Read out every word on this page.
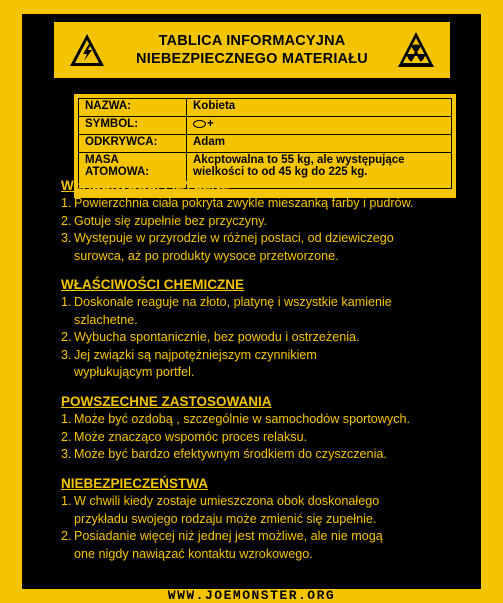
TABLICA INFORMACYJNA
NIEBEZPIECZNEGO MATERIAŁU
NAZWA:	Kobieta
SYMBOL:	+

ODKRYWCA:	Adam
MASA ATOMOWA:	Akcptowalna to 55 kg, ale występujące
wielkości to od 45 kg do 225 kg.
WŁAŚCIWOŚĆI FIZYCZNE
1. Powierzchnia ciała pokryta zwykle mieszanką farby i pudrów.
2. Gotuje się zupełnie bez przyczyny.
3. Występuje w przyrodzie w różnej postaci, od dziewiczego
surowca, aż po produkty wysoce przetworzone.
WŁAŚCIWOŚCI CHEMICZNE
1. Doskonale reaguje na złoto, platynę i wszystkie kamienie
szlachetne.
2. Wybucha spontanicznie, bez powodu i ostrzeżenia.
3. Jej związki są najpotężniejszym czynnikiem
wypłukującym portfel.
POWSZECHNE ZASTOSOWANIA
1. Może być ozdobą , szczególnie w samochodów sportowych.
2. Może znacząco wspomóc proces relaksu.
3. Może być bardzo efektywnym środkiem do czyszczenia.
NIEBEZPIECZEŃSTWA
1. W chwili kiedy zostaje umieszczona obok doskonałego
przykładu swojego rodzaju może zmienić się zupełnie.
2. Posiadanie więcej niż jednej jest możliwe, ale nie mogą
one nigdy nawiązać kontaktu wzrokowego.
WWW.JOEMONSTER.ORG
